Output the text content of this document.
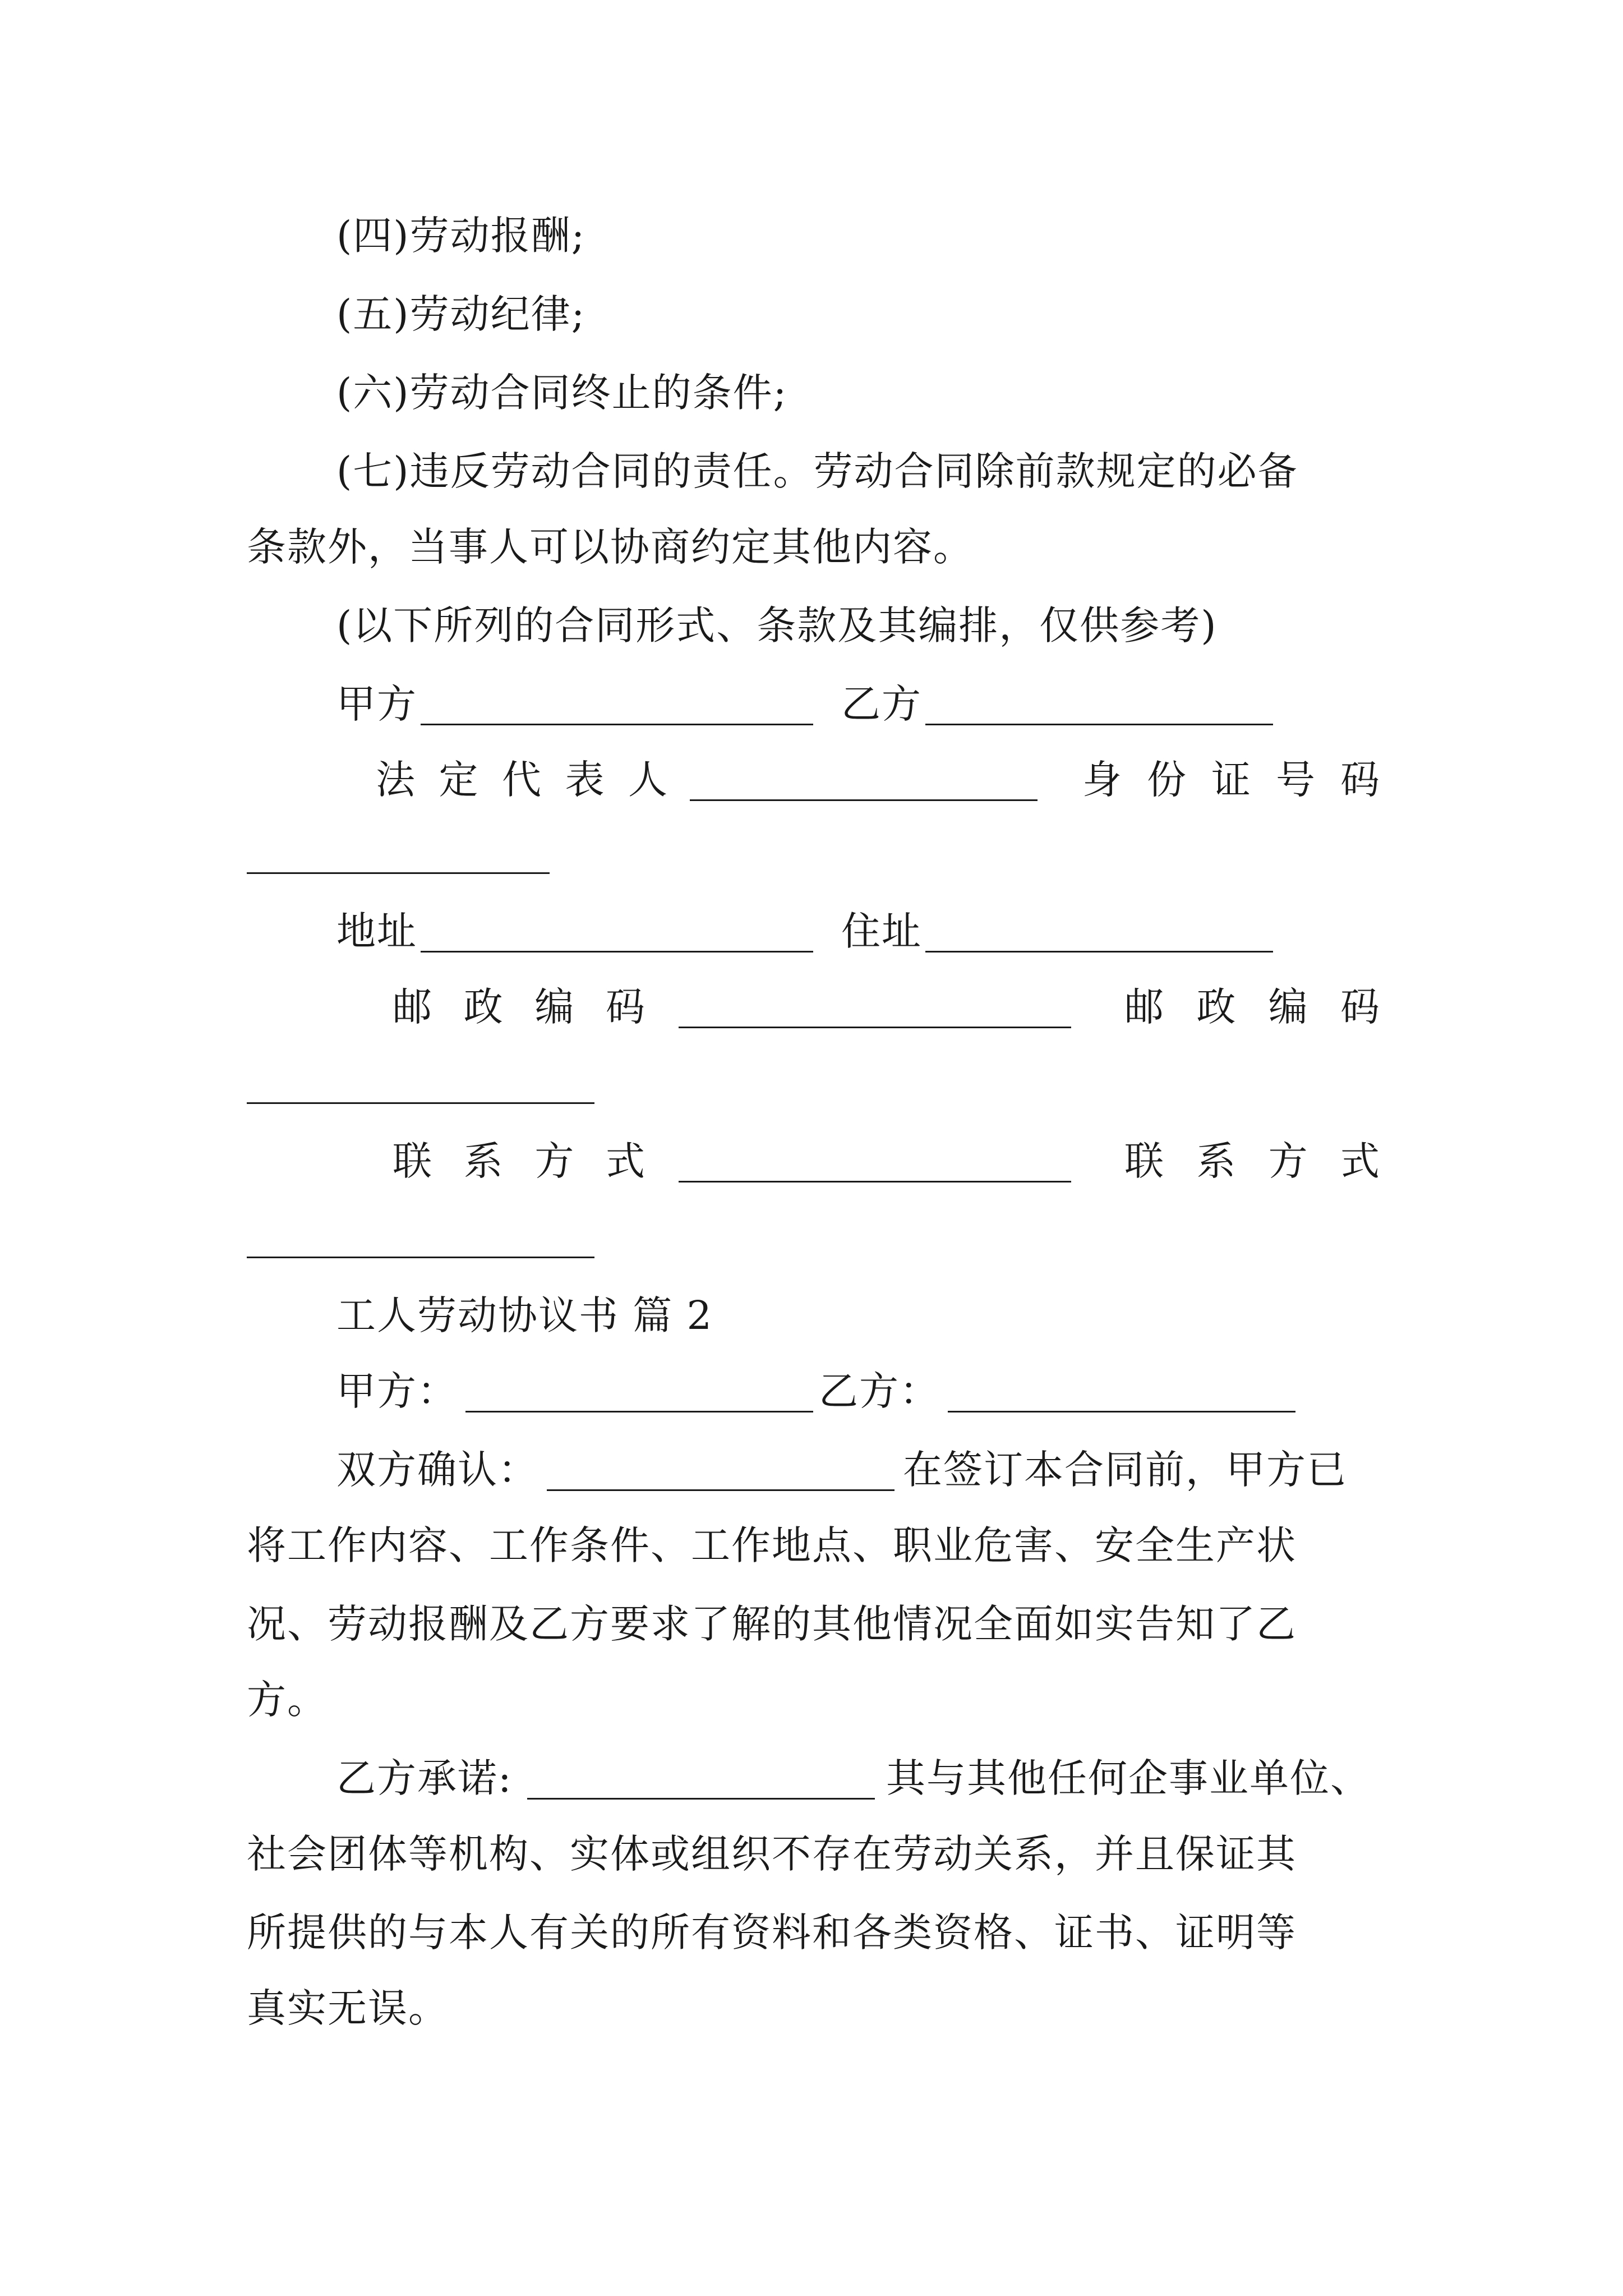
(四)劳动报酬;
(五)劳动纪律;
(六)劳动合同终止的条件;
(七)违反劳动合同的责任。劳动合同除前款规定的必备
条款外，当事人可以协商约定其他内容。
(以下所列的合同形式、条款及其编排，仅供参考)
甲方	乙方
法 定 代 表 人	身 份 证 号 码
地址	住址
邮 政 编 码	邮 政 编 码
联 系 方 式	联 系 方 式
工人劳动协议书 篇 2
甲方：	乙方：
双方确认：	在签订本合同前，甲方已
将工作内容、工作条件、工作地点、职业危害、安全生产状
况、劳动报酬及乙方要求了解的其他情况全面如实告知了乙
方。
乙方承诺:	其与其他任何企事业单位、
社会团体等机构、实体或组织不存在劳动关系，并且保证其
所提供的与本人有关的所有资料和各类资格、证书、证明等
真实无误。
